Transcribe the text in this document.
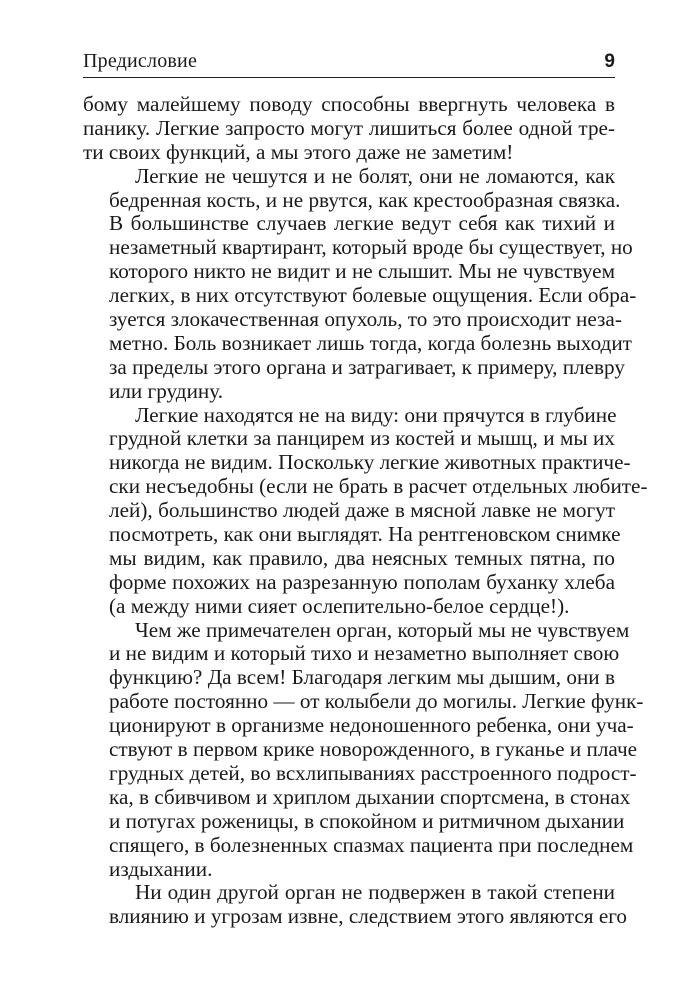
Предисловие	9

бому малейшему поводу способны ввергнуть человека в
панику. Легкие запросто могут лишиться более одной тре-
ти своих функций, а мы этого даже не заметим!

Легкие не чешутся и не болят, они не ломаются, как
бедренная кость, и не рвутся, как крестообразная связка.
В большинстве случаев легкие ведут себя как тихий и
незаметный квартирант, который вроде бы существует, но
которого никто не видит и не слышит. Мы не чувствуем
легких, в них отсутствуют болевые ощущения. Если обра-
зуется злокачественная опухоль, то это происходит неза-
метно. Боль возникает лишь тогда, когда болезнь выходит
за пределы этого органа и затрагивает, к примеру, плевру
или грудину.

Легкие находятся не на виду: они прячутся в глубине
грудной клетки за панцирем из костей и мышц, и мы их
никогда не видим. Поскольку легкие животных практиче-
ски несъедобны (если не брать в расчет отдельных любите-
лей), большинство людей даже в мясной лавке не могут
посмотреть, как они выглядят. На рентгеновском снимке
мы видим, как правило, два неясных темных пятна, по
форме похожих на разрезанную пополам буханку хлеба
(а между ними сияет ослепительно-белое сердце!).

Чем же примечателен орган, который мы не чувствуем
и не видим и который тихо и незаметно выполняет свою
функцию? Да всем! Благодаря легким мы дышим, они в
работе постоянно — от колыбели до могилы. Легкие функ-
ционируют в организме недоношенного ребенка, они уча-
ствуют в первом крике новорожденного, в гуканье и плаче
грудных детей, во всхлипываниях расстроенного подрост-
ка, в сбивчивом и хриплом дыхании спортсмена, в стонах
и потугах роженицы, в спокойном и ритмичном дыхании
спящего, в болезненных спазмах пациента при последнем
издыхании.

Ни один другой орган не подвержен в такой степени
влиянию и угрозам извне, следствием этого являются его
